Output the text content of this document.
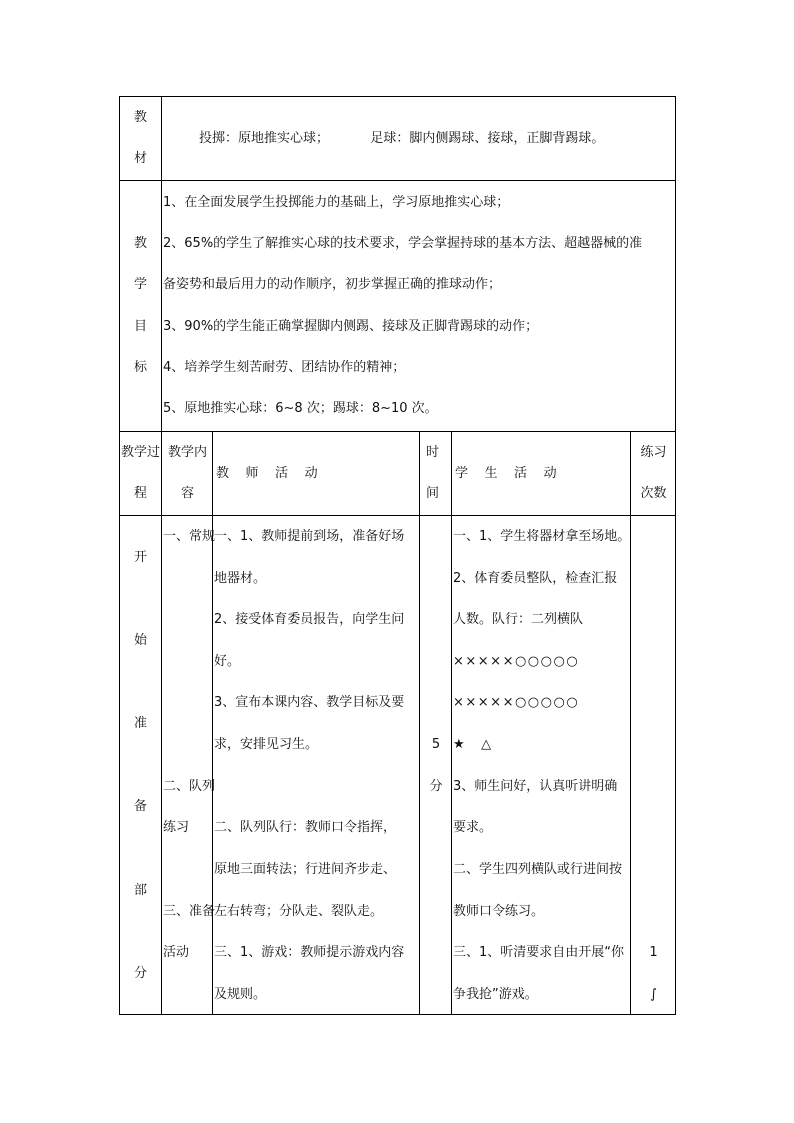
教
材
投掷：原地推实心球；          足球：脚内侧踢球、接球，正脚背踢球。
教
学
目
标
1、在全面发展学生投掷能力的基础上，学习原地推实心球；
2、65%的学生了解推实心球的技术要求，学会掌握持球的基本方法、超越器械的准
备姿势和最后用力的动作顺序，初步掌握正确的推球动作；
3、90%的学生能正确掌握脚内侧踢、接球及正脚背踢球的动作；
4、培养学生刻苦耐劳、团结协作的精神；
5、原地推实心球：6~8 次；踢球：8~10 次。
教学过
程
教学内
容
教    师    活    动
时
间
学    生    活    动
练习
次数
开
始
准
备
部
分
一、常规
二、队列
练习
三、准备
活动
一、1、教师提前到场，准备好场
地器材。
2、接受体育委员报告，向学生问
好。
3、宣布本课内容、教学目标及要
求，安排见习生。
二、队列队行：教师口令指挥，
原地三面转法；行进间齐步走、
左右转弯；分队走、裂队走。
三、1、游戏：教师提示游戏内容
及规则。
5
分
一、1、学生将器材拿至场地。
2、体育委员整队，检查汇报
人数。队行：二列横队
×××××○○○○○
×××××○○○○○
★    △
3、师生问好，认真听讲明确
要求。
二、学生四列横队或行进间按
教师口令练习。
三、1、听清要求自由开展“你
争我抢”游戏。
1
∫
